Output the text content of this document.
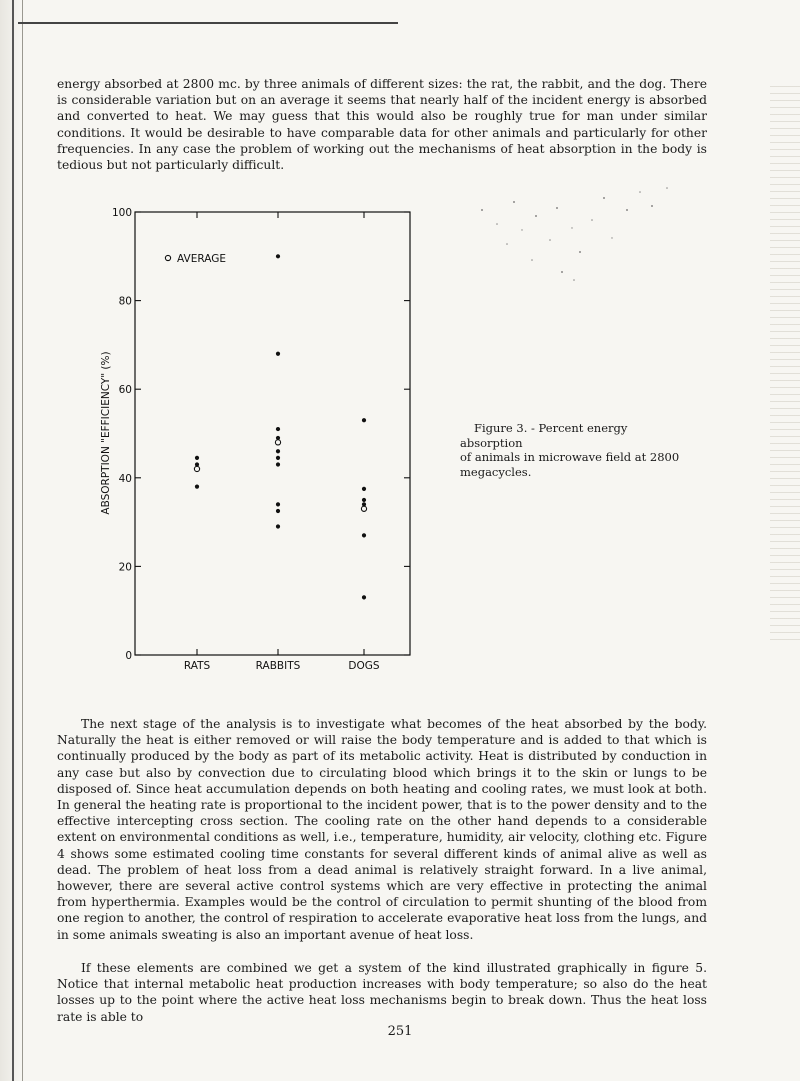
energy absorbed at 2800 mc. by three animals of different sizes: the rat, the rabbit, and the dog. There is considerable variation but on an average it seems that nearly half of the incident energy is absorbed and converted to heat. We may guess that this would also be roughly true for man under similar conditions. It would be desirable to have comparable data for other animals and particularly for other frequencies. In any case the problem of working out the mechanisms of heat absorption in the body is tedious but not particularly difficult.

0
20
40
60
80
100
RATS	RABBITS	DOGS
AVERAGE
ABSORPTION "EFFICIENCY" (%)	Figure 3. - Percent energy absorption
of animals in microwave field at 2800 megacycles.

The next stage of the analysis is to investigate what becomes of the heat absorbed by the body. Naturally the heat is either removed or will raise the body temperature and is added to that which is continually produced by the body as part of its metabolic activity. Heat is distributed by conduction in any case but also by convection due to circulating blood which brings it to the skin or lungs to be disposed of. Since heat accumulation depends on both heating and cooling rates, we must look at both. In general the heating rate is proportional to the incident power, that is to the power density and to the effective intercepting cross section. The cooling rate on the other hand depends to a considerable extent on environmental conditions as well, i.e., temperature, humidity, air velocity, clothing etc. Figure 4 shows some estimated cooling time constants for several different kinds of animal alive as well as dead. The problem of heat loss from a dead animal is relatively straight forward. In a live animal, however, there are several active control systems which are very effective in protecting the animal from hyperthermia. Examples would be the control of circulation to permit shunting of the blood from one region to another, the control of respiration to accelerate evaporative heat loss from the lungs, and in some animals sweating is also an important avenue of heat loss.

If these elements are combined we get a system of the kind illustrated graphically in figure 5. Notice that internal metabolic heat production increases with body temperature; so also do the heat losses up to the point where the active heat loss mechanisms begin to break down. Thus the heat loss rate is able to

251
